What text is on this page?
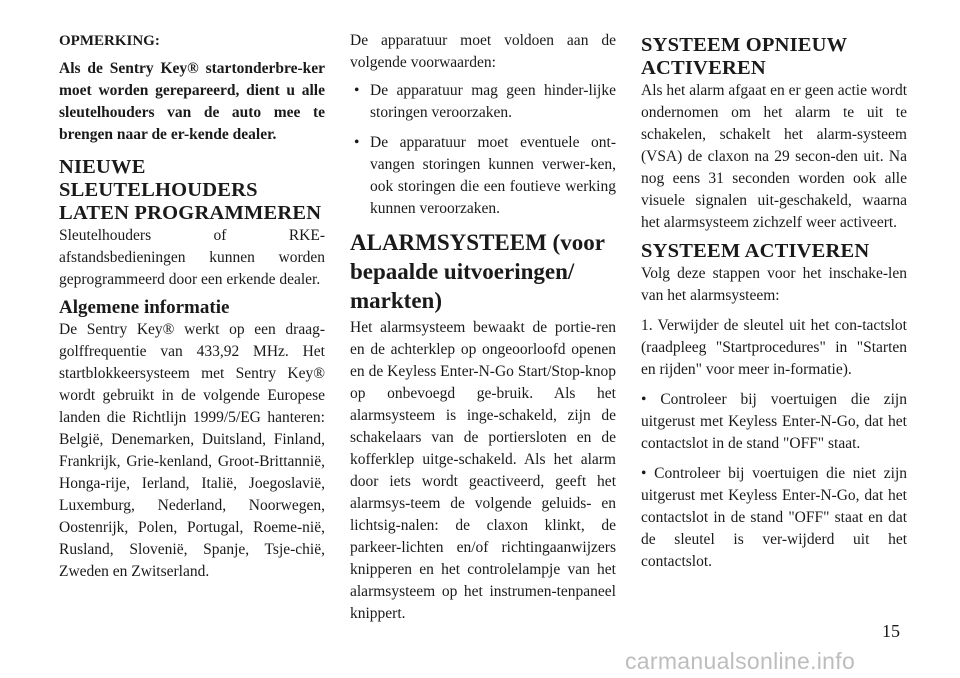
OPMERKING:

Als de Sentry Key® startonderbre-ker moet worden gerepareerd, dient u alle sleutelhouders van de auto mee te brengen naar de er-kende dealer.

NIEUWE SLEUTELHOUDERS LATEN PROGRAMMEREN

Sleutelhouders of RKE-afstandsbedieningen kunnen worden geprogrammeerd door een erkende dealer.

Algemene informatie

De Sentry Key® werkt op een draag-golffrequentie van 433,92 MHz. Het startblokkeersysteem met Sentry Key® wordt gebruikt in de volgende Europese landen die Richtlijn 1999/5/EG hanteren: België, Denemarken, Duitsland, Finland, Frankrijk, Grie-kenland, Groot-Brittannië, Honga-rije, Ierland, Italië, Joegoslavië, Luxemburg, Nederland, Noorwegen, Oostenrijk, Polen, Portugal, Roeme-nië, Rusland, Slovenië, Spanje, Tsje-chië, Zweden en Zwitserland.

De apparatuur moet voldoen aan de volgende voorwaarden:

• De apparatuur mag geen hinder-lijke storingen veroorzaken.
• De apparatuur moet eventuele ont-vangen storingen kunnen verwer-ken, ook storingen die een foutieve werking kunnen veroorzaken.
ALARMSYSTEEM (voor bepaalde uitvoeringen/ markten)

Het alarmsysteem bewaakt de portie-ren en de achterklep op ongeoorloofd openen en de Keyless Enter-N-Go Start/Stop-knop op onbevoegd ge-bruik. Als het alarmsysteem is inge-schakeld, zijn de schakelaars van de portiersloten en de kofferklep uitge-schakeld. Als het alarm door iets wordt geactiveerd, geeft het alarmsys-teem de volgende geluids- en lichtsig-nalen: de claxon klinkt, de parkeer-lichten en/of richtingaanwijzers knipperen en het controlelampje van het alarmsysteem op het instrumen-tenpaneel knippert.

SYSTEEM OPNIEUW ACTIVEREN

Als het alarm afgaat en er geen actie wordt ondernomen om het alarm te uit te schakelen, schakelt het alarm-systeem (VSA) de claxon na 29 secon-den uit. Na nog eens 31 seconden worden ook alle visuele signalen uit-geschakeld, waarna het alarmsysteem zichzelf weer activeert.

SYSTEEM ACTIVEREN

Volg deze stappen voor het inschake-len van het alarmsysteem:

1. Verwijder de sleutel uit het con-tactslot (raadpleeg "Startprocedures" in "Starten en rijden" voor meer in-formatie).

• Controleer bij voertuigen die zijn uitgerust met Keyless Enter-N-Go, dat het contactslot in de stand "OFF" staat.

• Controleer bij voertuigen die niet zijn uitgerust met Keyless Enter-N-Go, dat het contactslot in de stand "OFF" staat en dat de sleutel is ver-wijderd uit het contactslot.

15
carmanualsonline.info
